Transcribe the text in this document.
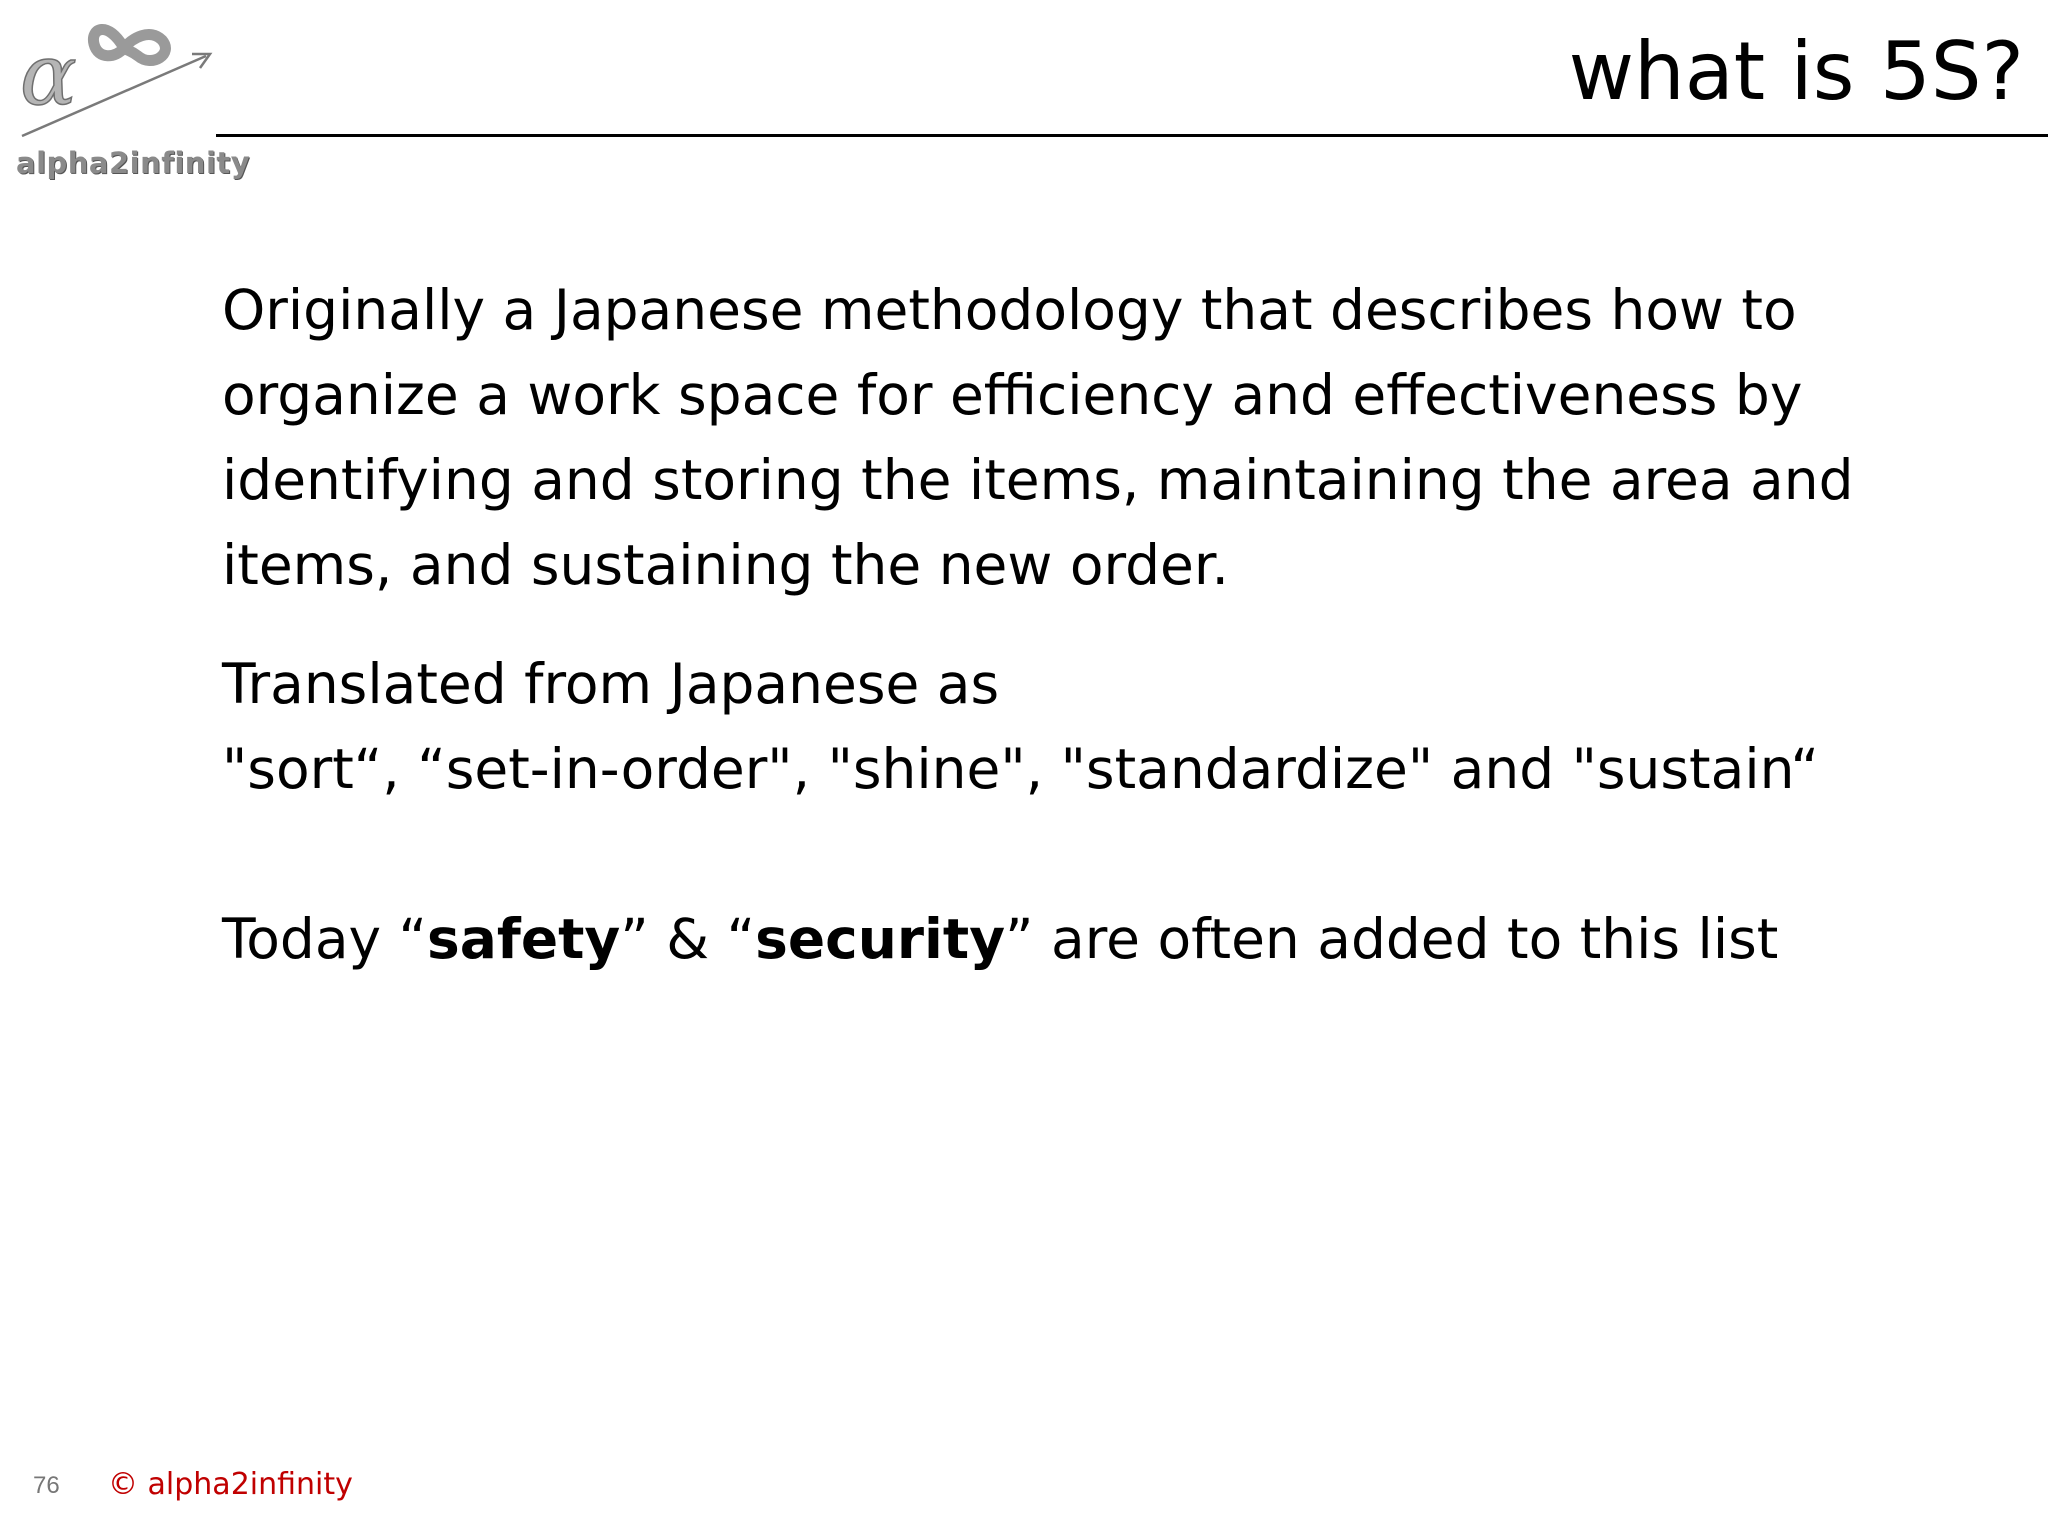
α
alpha2infinity
what is 5S?

Originally a Japanese methodology that describes how to organize a work space for efficiency and effectiveness by identifying and storing the items, maintaining the area and items, and sustaining the new order.

Translated from Japanese as
"sort“, “set-in-order", "shine", "standardize" and "sustain“

Today “safety” & “security” are often added to this list

76 © alpha2infinity
